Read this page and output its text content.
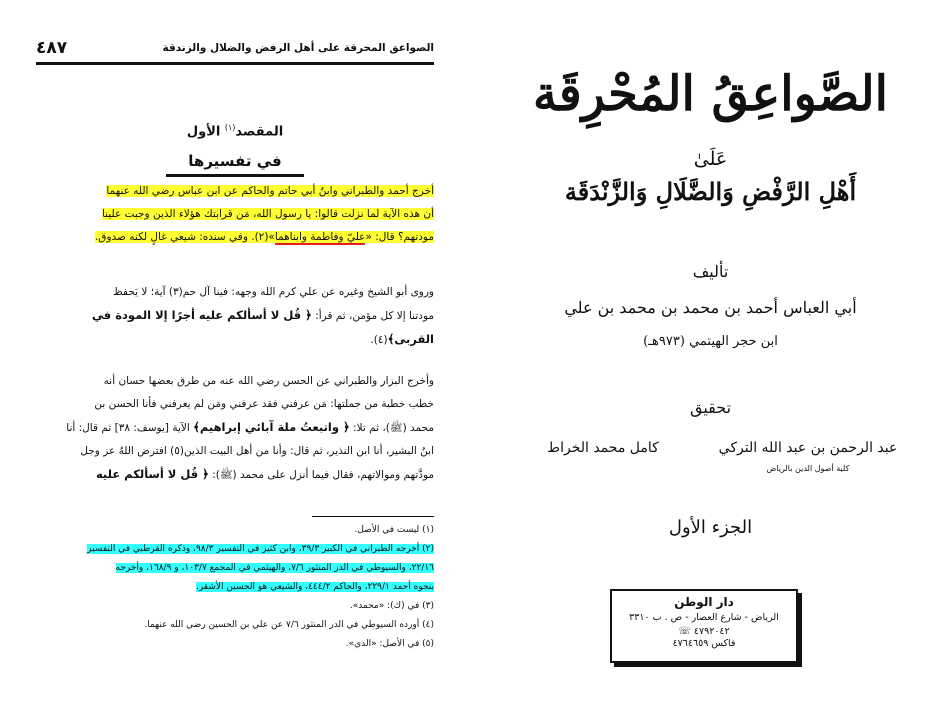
الصواعق المحرقة على أهل الرفض والضلال والزندقة
٤٨٧
المقصد$^{(١)}$ الأول
في تفسيرها
أخرج أحمد والطبراني وابنُ أبي حاتم والحاكم عن ابن عباس رضي الله عنهما
أن هذه الآية لما نزلت قالوا: يا رسول الله، مَن قرابتك هؤلاء الذين وجبت علينا
مودتهم؟ قال: «عليّ وفاطمة وابناهما»(٢). وفي سنده: شيعي غالٍ لكنه صدوق.
وروى أبو الشيخ وغيره عن علي كرم الله وجهه: فينا آل حم(٣) آية؛ لا يَحفظ
مودتنا إلا كل مؤمن، ثم قرأ: ﴿ قُل لا أسألكم عليه أجرًا إلا المودة في
القربى﴾(٤).
وأخرج البزار والطبراني عن الحسن رضي الله عنه من طرق بعضها حسان أنه
خطب خطبة من جملتها: مَن عرفني فقد عرفني ومَن لم يعرفني فأنا الحسن بن
محمد (ﷺ)، ثم تلا: ﴿ واتبعتُ ملة آبائي إبراهيم﴾ الآية [يوسف: ٣٨] ثم قال: أنا
ابنُ البشير، أنا ابن النذير، ثم قال: وأنا من أهل البيت الذين(٥) افترض اللهُ عز وجل
مودَّتهم وموالاتهم، فقال فيما أنزل على محمد (ﷺ): ﴿ قُل لا أسألكم عليه
(١) ليست في الأصل.
(٢) أخرجه الطبراني في الكبير ٣٩/٣، وابن كثير في التفسير ٩٨/٣، وذكره القرطبي في التفسير
٢٢/١٦، والسيوطي في الدر المنثور ٧/٦، والهيثمي في المجمع ١٠٣/٧، و ١٦٨/٩، وأخرجه
بنحوه أحمد ٢٢٩/١، والحاكم ٤٤٤/٢، والشيعي هو الحسين الأشقر.
(٣) في (ك): «محمد».
(٤) أورده السيوطي في الدر المنثور ٧/٦ عن علي بن الحسين رضي الله عنهما.
(٥) في الأصل: «الذي».
الصَّواعِقُ المُحْرِقَة
عَلَىٰ
أَهْلِ الرَّفْضِ وَالضَّلَالِ وَالزَّنْدَقَة
تأليف
أبي العباس أحمد بن محمد بن محمد بن علي
ابن حجر الهيتمي (٩٧٣هـ)
تحقيق
عبد الرحمن بن عبد الله التركي
كلية أصول الدين بالرياض
كامل محمد الخراط
الجزء الأول
دار الوطن
الرياض - شارع العصار - ص . ب ٣٣١٠
٤٧٩٢٠٤٢ ☏
فاكس ٤٧٦٤٦٥٩
